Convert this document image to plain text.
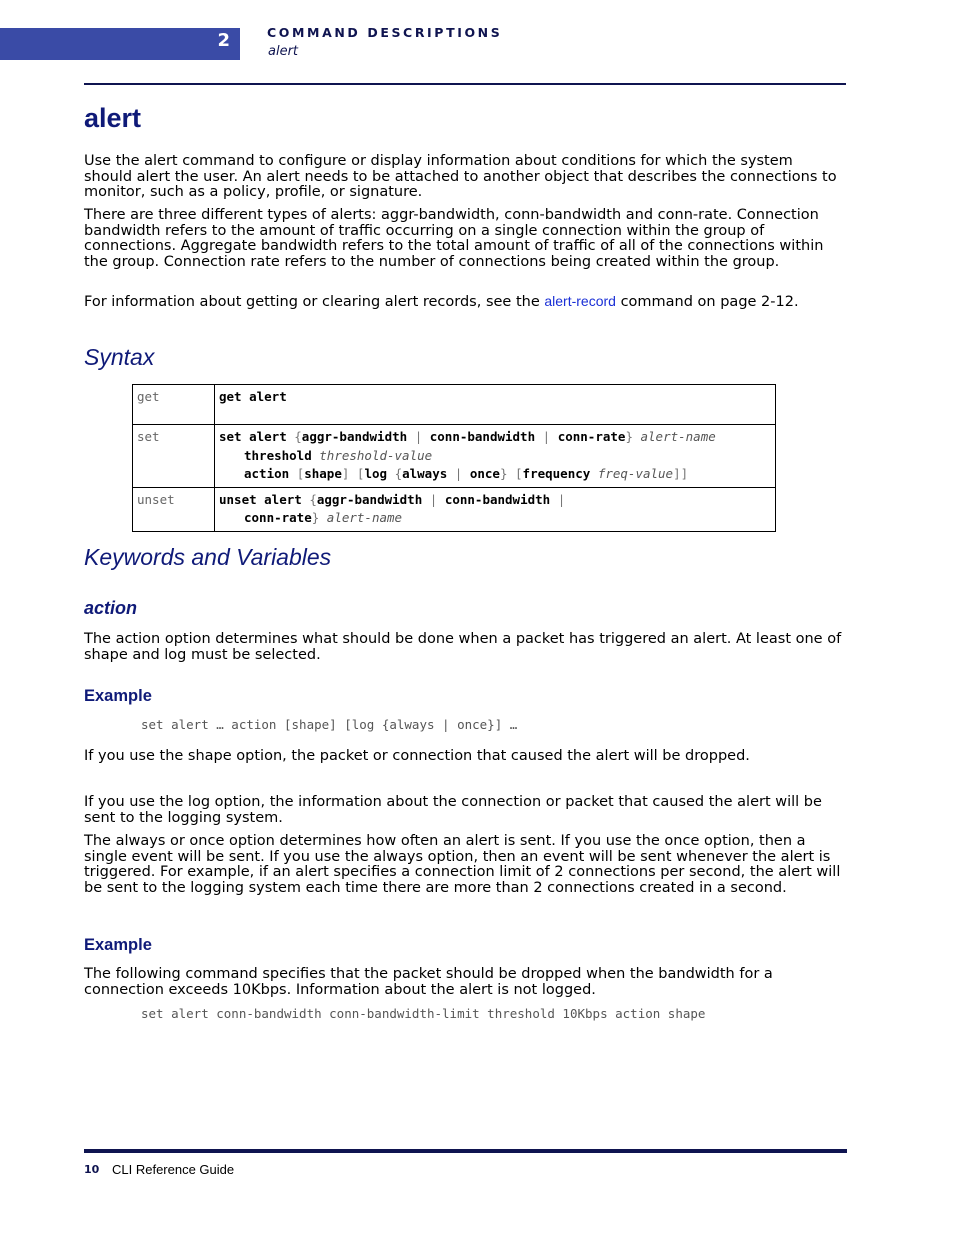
2	COMMAND DESCRIPTIONS
alert
alert

Use the alert command to configure or display information about conditions for which the system should alert the user. An alert needs to be attached to another object that describes the connections to monitor, such as a policy, profile, or signature.

There are three different types of alerts: aggr-bandwidth, conn-bandwidth and conn-rate. Connection bandwidth refers to the amount of traffic occurring on a single connection within the group of connections. Aggregate bandwidth refers to the total amount of traffic of all of the connections within the group. Connection rate refers to the number of connections being created within the group.

For information about getting or clearing alert records, see the alert-record command on page 2-12.

Syntax
get	get alert
set	set alert {aggr-bandwidth | conn-bandwidth | conn-rate} alert-name
threshold threshold-value
action [shape] [log {always | once} [frequency freq-value]]

unset	unset alert {aggr-bandwidth | conn-bandwidth |
conn-rate} alert-name
Keywords and Variables
action

The action option determines what should be done when a packet has triggered an alert. At least one of shape and log must be selected.

Example
set alert … action [shape] [log {always | once}] …

If you use the shape option, the packet or connection that caused the alert will be dropped.

If you use the log option, the information about the connection or packet that caused the alert will be sent to the logging system.

The always or once option determines how often an alert is sent. If you use the once option, then a single event will be sent. If you use the always option, then an event will be sent whenever the alert is triggered. For example, if an alert specifies a connection limit of 2 connections per second, the alert will be sent to the logging system each time there are more than 2 connections created in a second.

Example

The following command specifies that the packet should be dropped when the bandwidth for a connection exceeds 10Kbps. Information about the alert is not logged.

set alert conn-bandwidth conn-bandwidth-limit threshold 10Kbps action shape
10 CLI Reference Guide
